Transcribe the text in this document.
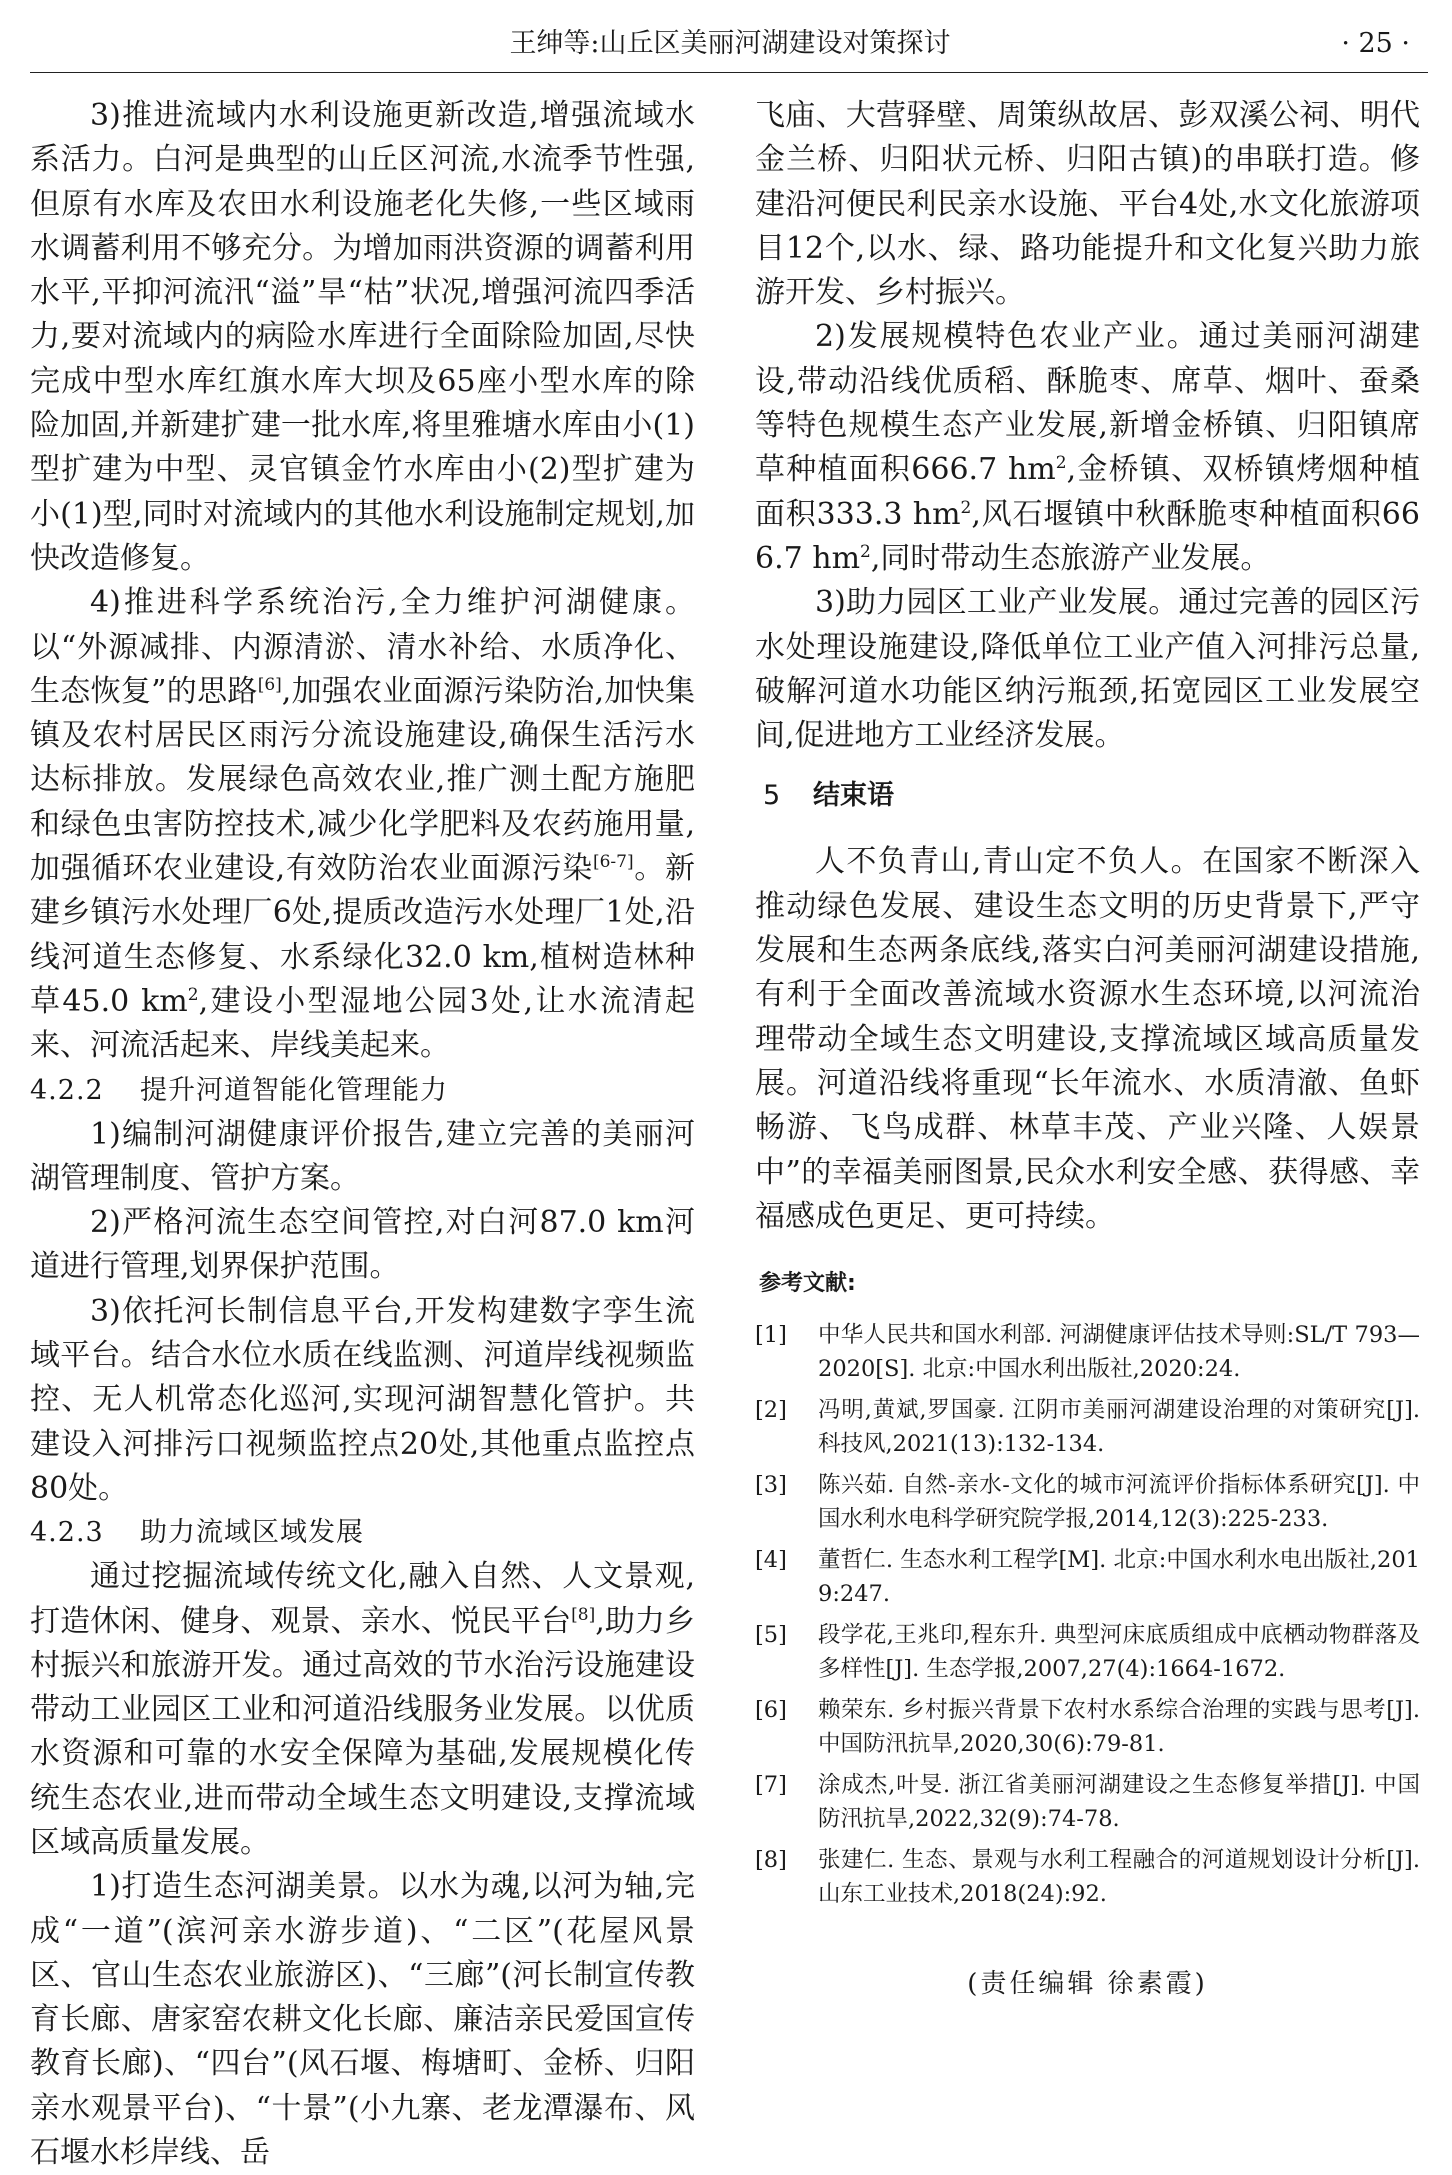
王绅等:山丘区美丽河湖建设对策探讨	· 25 ·

3)推进流域内水利设施更新改造,增强流域水系活力。白河是典型的山丘区河流,水流季节性强,但原有水库及农田水利设施老化失修,一些区域雨水调蓄利用不够充分。为增加雨洪资源的调蓄利用水平,平抑河流汛“溢”旱“枯”状况,增强河流四季活力,要对流域内的病险水库进行全面除险加固,尽快完成中型水库红旗水库大坝及65座小型水库的除险加固,并新建扩建一批水库,将里雅塘水库由小(1)型扩建为中型、灵官镇金竹水库由小(2)型扩建为小(1)型,同时对流域内的其他水利设施制定规划,加快改造修复。

4)推进科学系统治污,全力维护河湖健康。以“外源减排、内源清淤、清水补给、水质净化、生态恢复”的思路[6],加强农业面源污染防治,加快集镇及农村居民区雨污分流设施建设,确保生活污水达标排放。发展绿色高效农业,推广测土配方施肥和绿色虫害防控技术,减少化学肥料及农药施用量,加强循环农业建设,有效防治农业面源污染[6-7]。新建乡镇污水处理厂6处,提质改造污水处理厂1处,沿线河道生态修复、水系绿化32.0 km,植树造林种草45.0 $km^2$,建设小型湿地公园3处,让水流清起来、河流活起来、岸线美起来。

4.2.2 提升河道智能化管理能力

1)编制河湖健康评价报告,建立完善的美丽河湖管理制度、管护方案。

2)严格河流生态空间管控,对白河87.0 km河道进行管理,划界保护范围。

3)依托河长制信息平台,开发构建数字孪生流域平台。结合水位水质在线监测、河道岸线视频监控、无人机常态化巡河,实现河湖智慧化管护。共建设入河排污口视频监控点20处,其他重点监控点80处。

4.2.3 助力流域区域发展

通过挖掘流域传统文化,融入自然、人文景观,打造休闲、健身、观景、亲水、悦民平台[8],助力乡村振兴和旅游开发。通过高效的节水治污设施建设带动工业园区工业和河道沿线服务业发展。以优质水资源和可靠的水安全保障为基础,发展规模化传统生态农业,进而带动全域生态文明建设,支撑流域区域高质量发展。

1)打造生态河湖美景。以水为魂,以河为轴,完成“一道”(滨河亲水游步道)、“二区”(花屋风景区、官山生态农业旅游区)、“三廊”(河长制宣传教育长廊、唐家窑农耕文化长廊、廉洁亲民爱国宣传教育长廊)、“四台”(风石堰、梅塘町、金桥、归阳亲水观景平台)、“十景”(小九寨、老龙潭瀑布、风石堰水杉岸线、岳

飞庙、大营驿壁、周策纵故居、彭双溪公祠、明代金兰桥、归阳状元桥、归阳古镇)的串联打造。修建沿河便民利民亲水设施、平台4处,水文化旅游项目12个,以水、绿、路功能提升和文化复兴助力旅游开发、乡村振兴。

2)发展规模特色农业产业。通过美丽河湖建设,带动沿线优质稻、酥脆枣、席草、烟叶、蚕桑等特色规模生态产业发展,新增金桥镇、归阳镇席草种植面积666.7 $hm^2$,金桥镇、双桥镇烤烟种植面积333.3 $hm^2$,风石堰镇中秋酥脆枣种植面积666.7 $hm^2$,同时带动生态旅游产业发展。

3)助力园区工业产业发展。通过完善的园区污水处理设施建设,降低单位工业产值入河排污总量,破解河道水功能区纳污瓶颈,拓宽园区工业发展空间,促进地方工业经济发展。

5 结束语

人不负青山,青山定不负人。在国家不断深入推动绿色发展、建设生态文明的历史背景下,严守发展和生态两条底线,落实白河美丽河湖建设措施,有利于全面改善流域水资源水生态环境,以河流治理带动全域生态文明建设,支撑流域区域高质量发展。河道沿线将重现“长年流水、水质清澈、鱼虾畅游、飞鸟成群、林草丰茂、产业兴隆、人娱景中”的幸福美丽图景,民众水利安全感、获得感、幸福感成色更足、更可持续。

参考文献:
[1] 中华人民共和国水利部. 河湖健康评估技术导则:SL/T 793—2020[S]. 北京:中国水利出版社,2020:24.
[2] 冯明,黄斌,罗国豪. 江阴市美丽河湖建设治理的对策研究[J]. 科技风,2021(13):132-134.
[3] 陈兴茹. 自然-亲水-文化的城市河流评价指标体系研究[J]. 中国水利水电科学研究院学报,2014,12(3):225-233.
[4] 董哲仁. 生态水利工程学[M]. 北京:中国水利水电出版社,2019:247.
[5] 段学花,王兆印,程东升. 典型河床底质组成中底栖动物群落及多样性[J]. 生态学报,2007,27(4):1664-1672.
[6] 赖荣东. 乡村振兴背景下农村水系综合治理的实践与思考[J]. 中国防汛抗旱,2020,30(6):79-81.
[7] 涂成杰,叶旻. 浙江省美丽河湖建设之生态修复举措[J]. 中国防汛抗旱,2022,32(9):74-78.
[8] 张建仁. 生态、景观与水利工程融合的河道规划设计分析[J]. 山东工业技术,2018(24):92.
(责任编辑 徐素霞)
